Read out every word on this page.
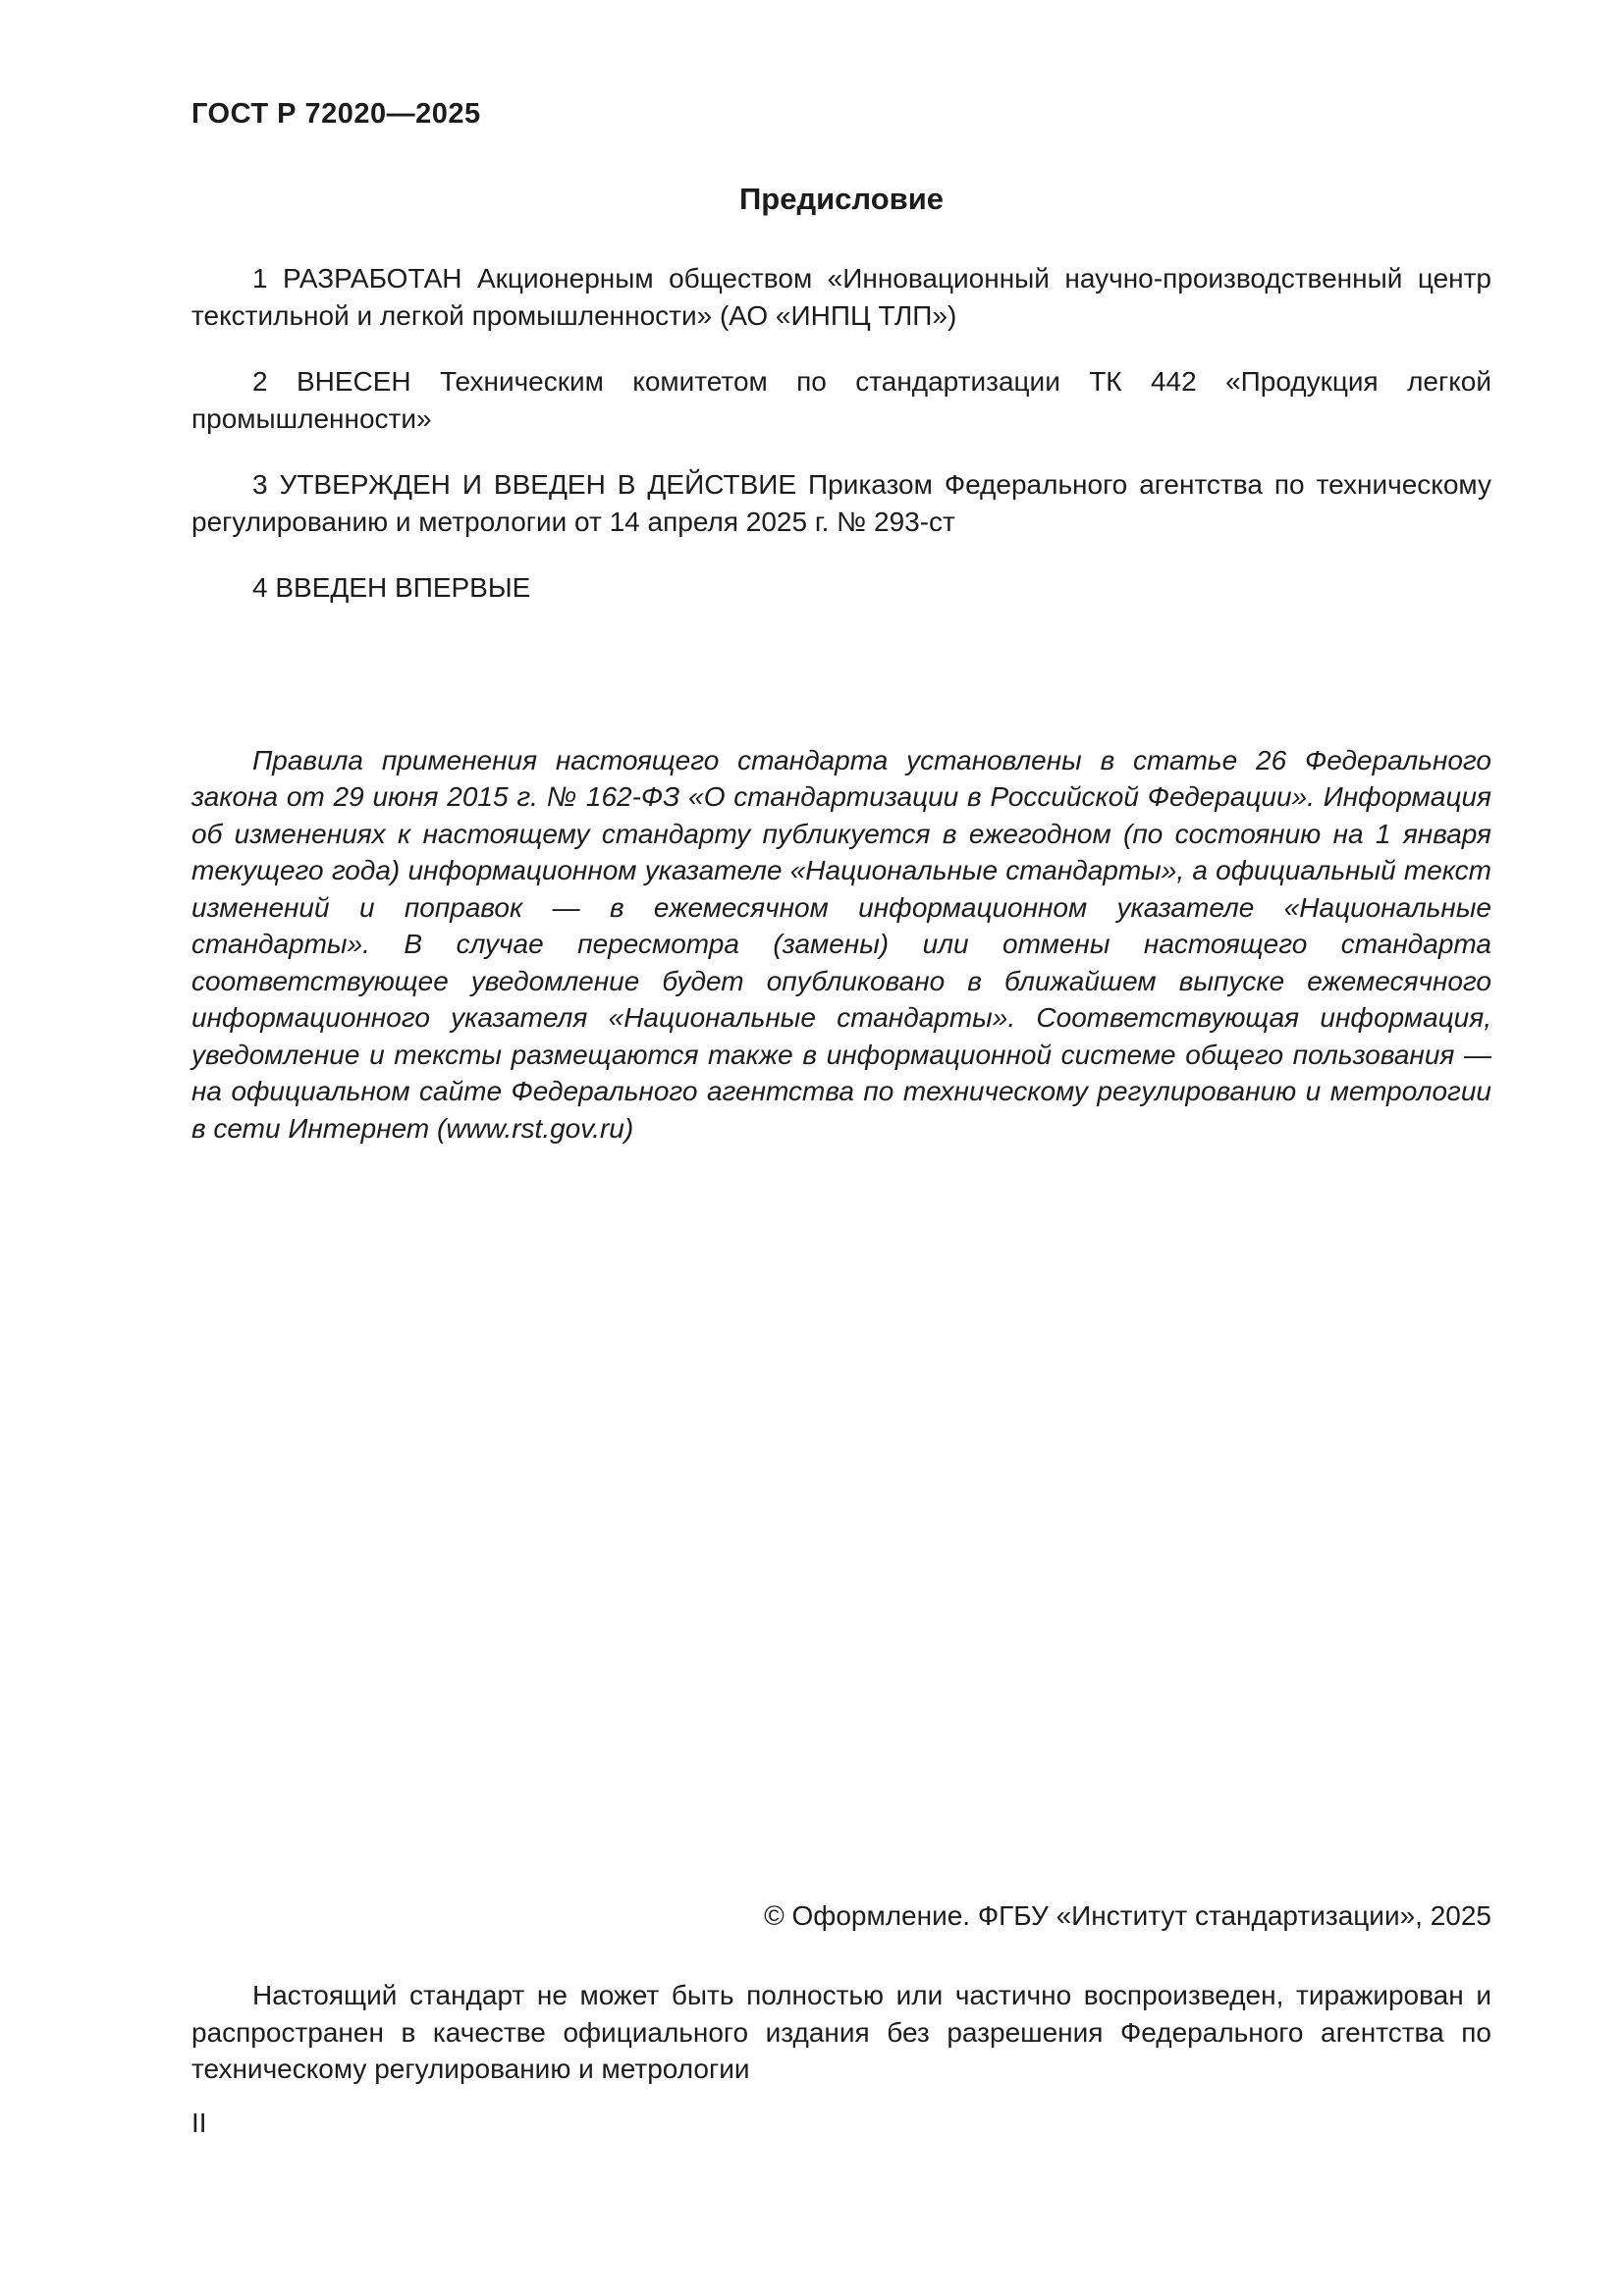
ГОСТ Р 72020—2025
Предисловие

1 РАЗРАБОТАН Акционерным обществом «Инновационный научно-производственный центр текстильной и легкой промышленности» (АО «ИНПЦ ТЛП»)

2 ВНЕСЕН Техническим комитетом по стандартизации ТК 442 «Продукция легкой промышленности»

3 УТВЕРЖДЕН И ВВЕДЕН В ДЕЙСТВИЕ Приказом Федерального агентства по техническому регулированию и метрологии от 14 апреля 2025 г. № 293-ст

4 ВВЕДЕН ВПЕРВЫЕ

Правила применения настоящего стандарта установлены в статье 26 Федерального закона от 29 июня 2015 г. № 162-ФЗ «О стандартизации в Российской Федерации». Информация об изменениях к настоящему стандарту публикуется в ежегодном (по состоянию на 1 января текущего года) информационном указателе «Национальные стандарты», а официальный текст изменений и поправок — в ежемесячном информационном указателе «Национальные стандарты». В случае пересмотра (замены) или отмены настоящего стандарта соответствующее уведомление будет опубликовано в ближайшем выпуске ежемесячного информационного указателя «Национальные стандарты». Соответствующая информация, уведомление и тексты размещаются также в информационной системе общего пользования — на официальном сайте Федерального агентства по техническому регулированию и метрологии в сети Интернет (www.rst.gov.ru)

© Оформление. ФГБУ «Институт стандартизации», 2025

Настоящий стандарт не может быть полностью или частично воспроизведен, тиражирован и распространен в качестве официального издания без разрешения Федерального агентства по техническому регулированию и метрологии

II
